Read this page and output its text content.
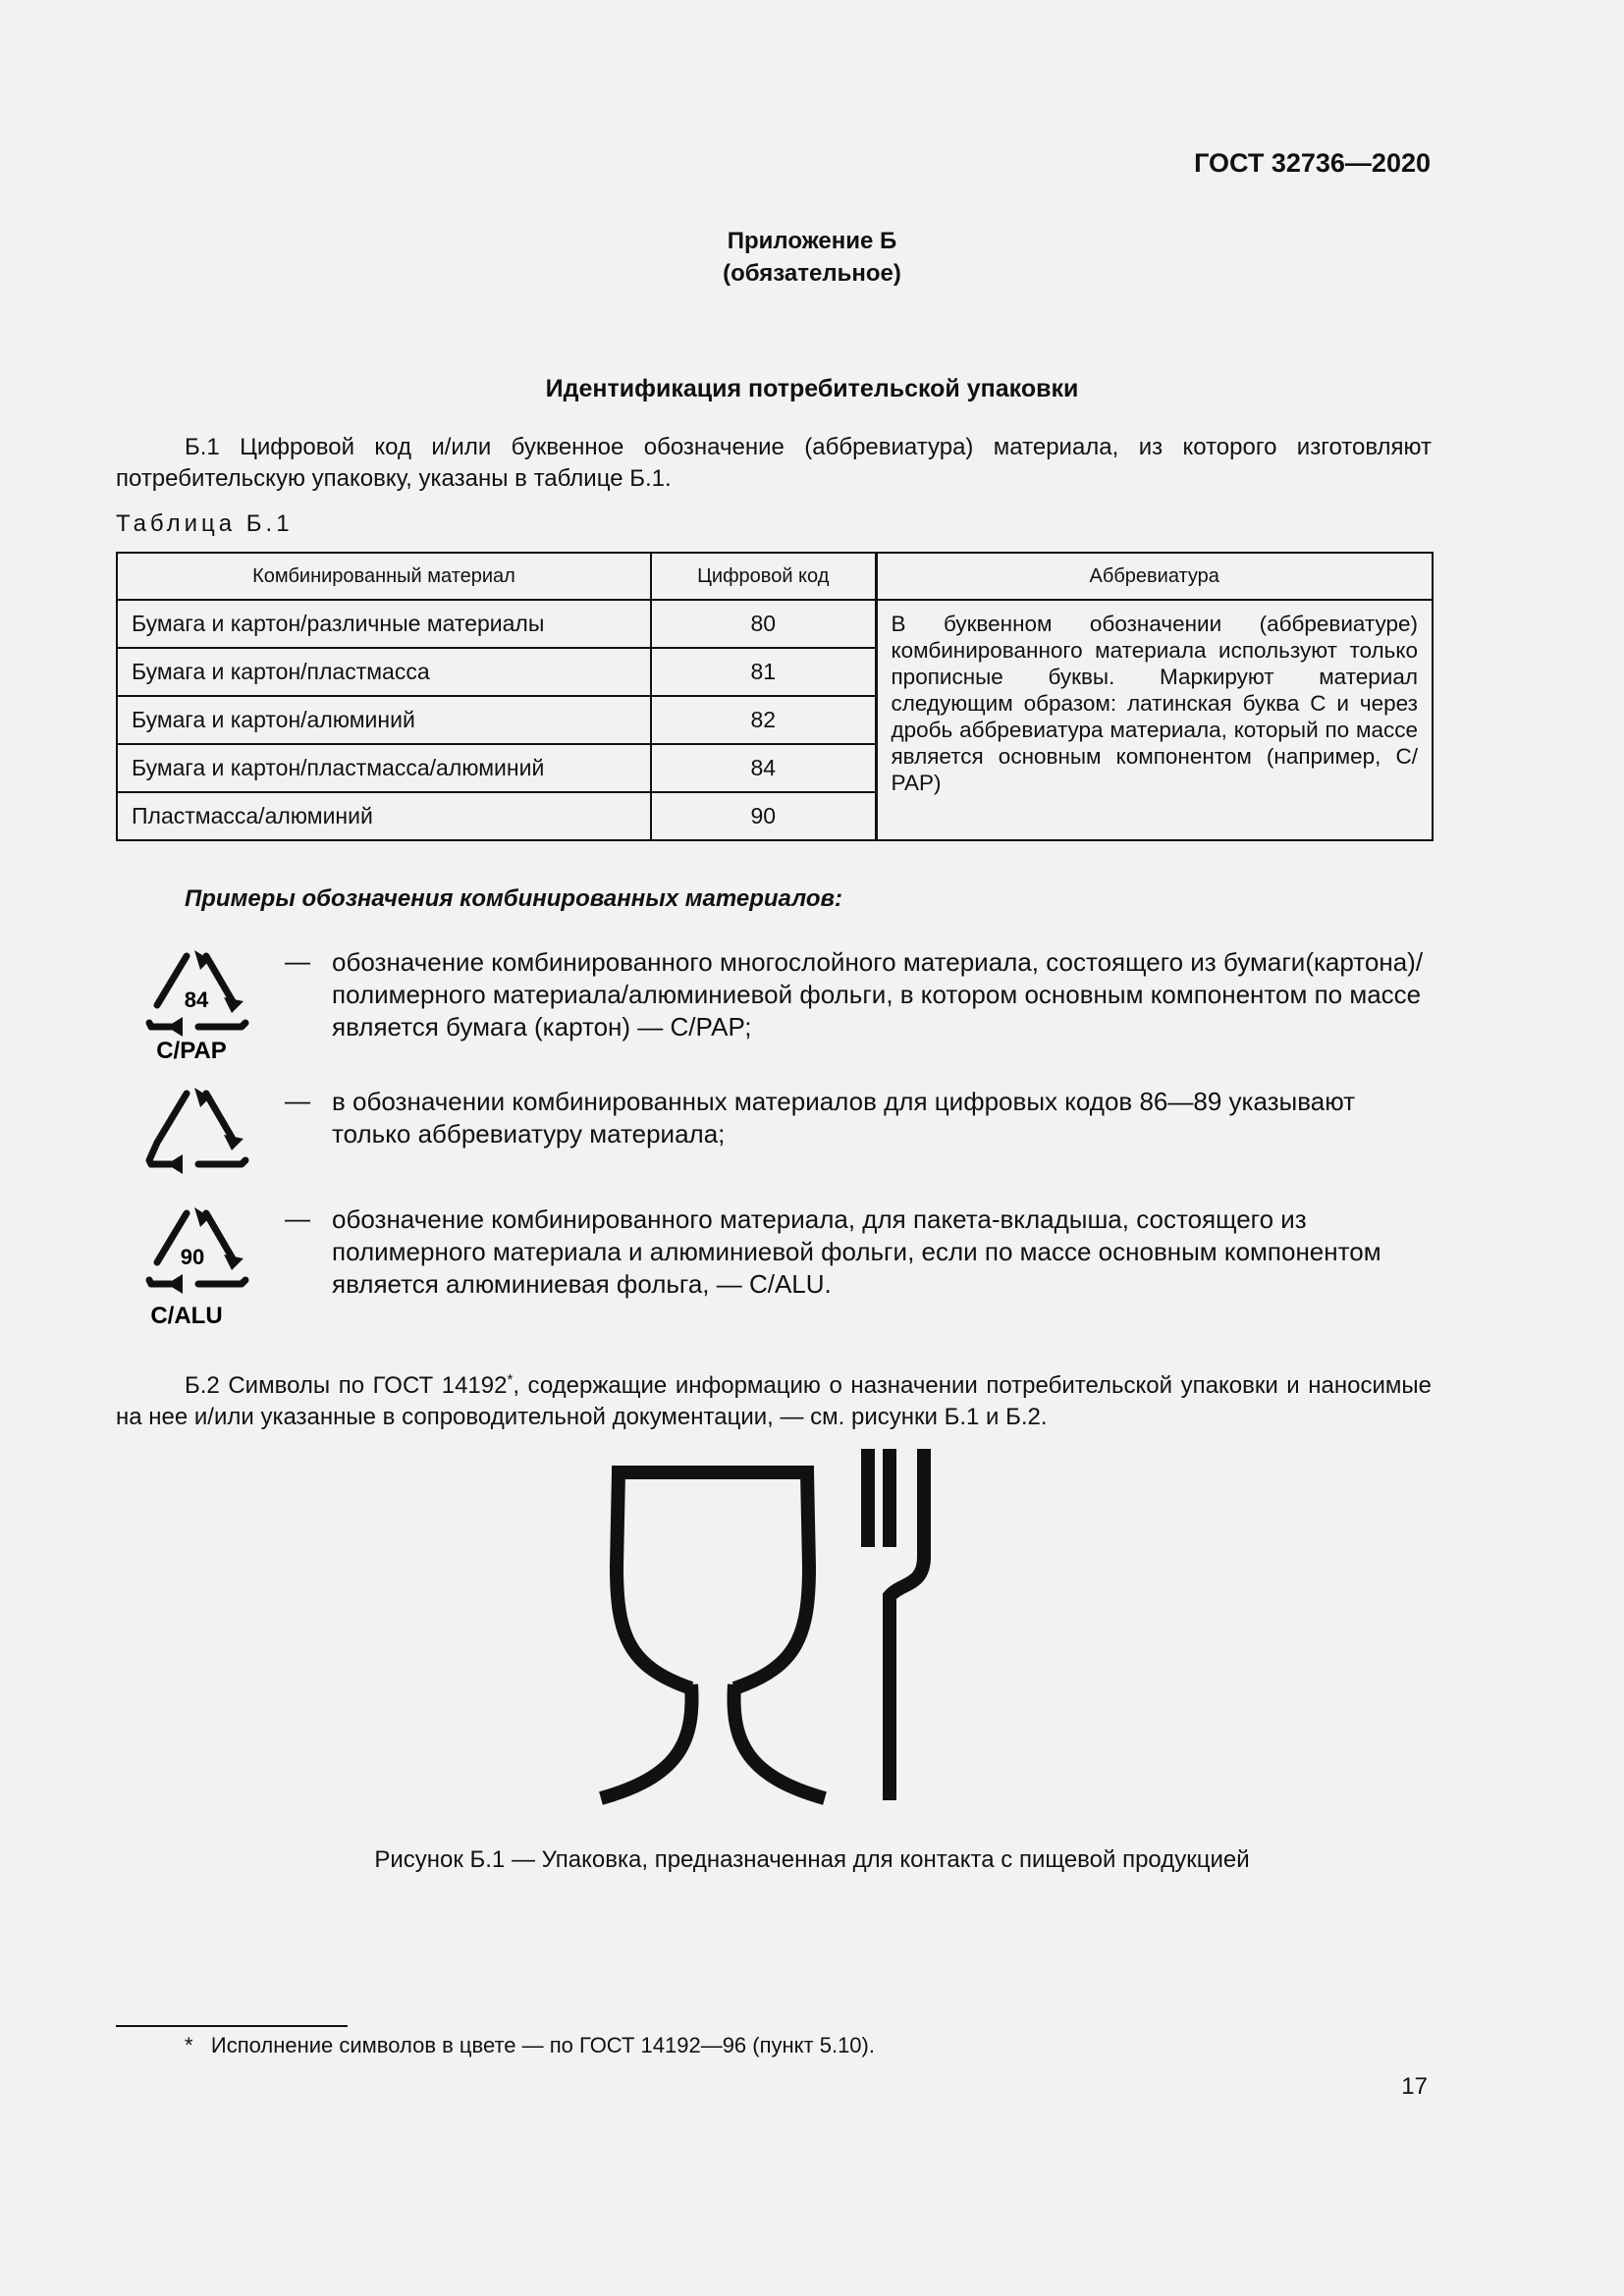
ГОСТ 32736—2020
Приложение Б
(обязательное)
Идентификация потребительской упаковки
Б.1 Цифровой код и/или буквенное обозначение (аббревиатура) материала, из которого изготовляют потребительскую упаковку, указаны в таблице Б.1.
Таблица Б.1
Комбинированный материал	Цифровой код	Аббревиатура
Бумага и картон/различные материалы	80	В буквенном обозначении (аббревиатуре) комбинированного материала используют только прописные буквы. Маркируют материал следующим образом: латинская буква С и через дробь аббревиатура материала, который по массе является основным компонентом (например, С/РАР)
Бумага и картон/пластмасса	81	
Бумага и картон/алюминий	82	
Бумага и картон/пластмасса/алюминий	84	
Пластмасса/алюминий	90	
Примеры обозначения комбинированных материалов:
84
C/PAP
— обозначение комбинированного многослойного материала, состоящего из бумаги(картона)/полимерного материала/алюминиевой фольги, в котором основным компонентом по массе является бумага (картон) — С/РАР;
— в обозначении комбинированных материалов для цифровых кодов 86—89 указывают только аббревиатуру материала;
90
C/ALU
— обозначение комбинированного материала, для пакета-вкладыша, состоящего из полимерного материала и алюминиевой фольги, если по массе основным компонентом является алюминиевая фольга, — C/ALU.
Б.2 Символы по ГОСТ 14192*, содержащие информацию о назначении потребительской упаковки и наносимые на нее и/или указанные в сопроводительной документации, — см. рисунки Б.1 и Б.2.
Рисунок Б.1 — Упаковка, предназначенная для контакта с пищевой продукцией
* Исполнение символов в цвете — по ГОСТ 14192—96 (пункт 5.10).
17
